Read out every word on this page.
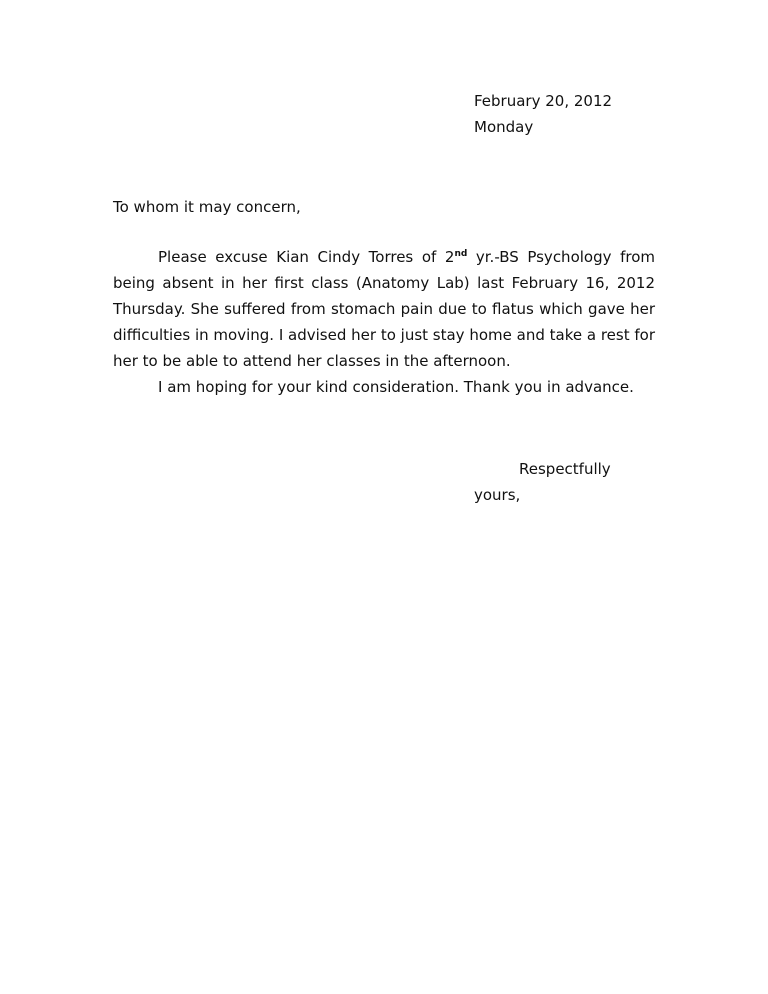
February 20, 2012
Monday
To whom it may concern,

Please excuse Kian Cindy Torres of 2nd yr.-BS Psychology from being absent in her first class (Anatomy Lab) last February 16, 2012 Thursday. She suffered from stomach pain due to flatus which gave her difficulties in moving. I advised her to just stay home and take a rest for her to be able to attend her classes in the afternoon.

I am hoping for your kind consideration. Thank you in advance.

Respectfully
yours,
